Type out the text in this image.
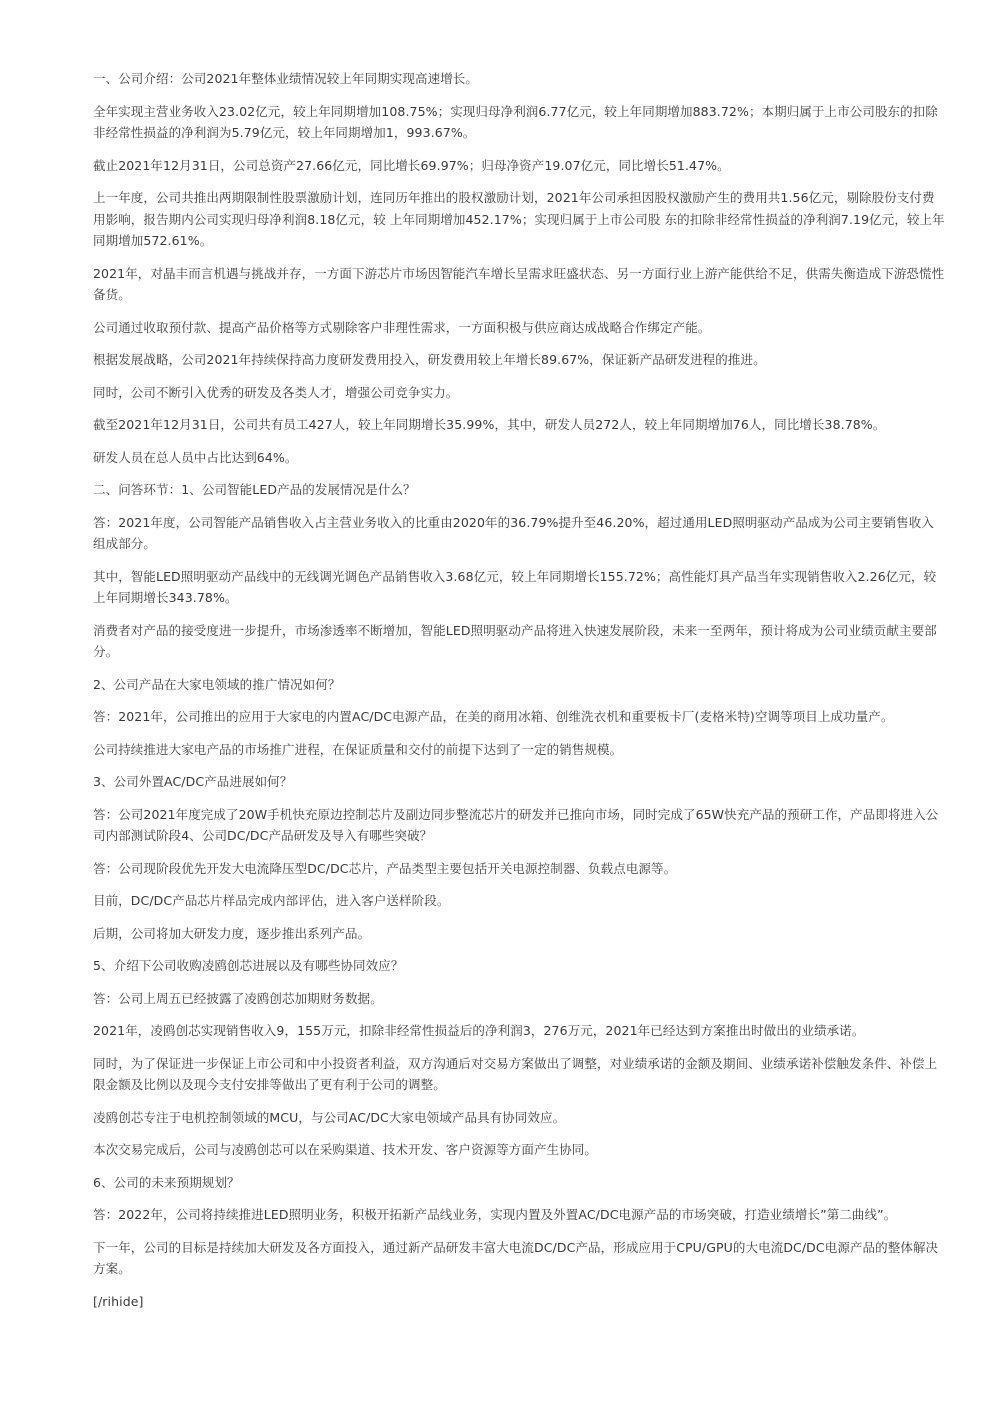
一、公司介绍：公司2021年整体业绩情况较上年同期实现高速增长。

全年实现主营业务收入23.02亿元，较上年同期增加108.75%；实现归母净利润6.77亿元，较上年同期增加883.72%；本期归属于上市公司股东的扣除非经常性损益的净利润为5.79亿元，较上年同期增加1，993.67%。

截止2021年12月31日，公司总资产27.66亿元，同比增长69.97%；归母净资产19.07亿元，同比增长51.47%。

上一年度，公司共推出两期限制性股票激励计划，连同历年推出的股权激励计划，2021年公司承担因股权激励产生的费用共1.56亿元，剔除股份支付费用影响，报告期内公司实现归母净利润8.18亿元，较 上年同期增加452.17%；实现归属于上市公司股 东的扣除非经常性损益的净利润7.19亿元，较上年同期增加572.61%。

2021年，对晶丰而言机遇与挑战并存，一方面下游芯片市场因智能汽车增长呈需求旺盛状态、另一方面行业上游产能供给不足，供需失衡造成下游恐慌性备货。

公司通过收取预付款、提高产品价格等方式剔除客户非理性需求，一方面积极与供应商达成战略合作绑定产能。

根据发展战略，公司2021年持续保持高力度研发费用投入，研发费用较上年增长89.67%，保证新产品研发进程的推进。

同时，公司不断引入优秀的研发及各类人才，增强公司竞争实力。

截至2021年12月31日，公司共有员工427人，较上年同期增长35.99%，其中，研发人员272人，较上年同期增加76人，同比增长38.78%。

研发人员在总人员中占比达到64%。

二、问答环节：1、公司智能LED产品的发展情况是什么？

答：2021年度，公司智能产品销售收入占主营业务收入的比重由2020年的36.79%提升至46.20%，超过通用LED照明驱动产品成为公司主要销售收入组成部分。

其中，智能LED照明驱动产品线中的无线调光调色产品销售收入3.68亿元，较上年同期增长155.72%；高性能灯具产品当年实现销售收入2.26亿元，较上年同期增长343.78%。

消费者对产品的接受度进一步提升，市场渗透率不断增加，智能LED照明驱动产品将进入快速发展阶段，未来一至两年，预计将成为公司业绩贡献主要部分。

2、公司产品在大家电领域的推广情况如何？

答：2021年，公司推出的应用于大家电的内置AC/DC电源产品，在美的商用冰箱、创维洗衣机和重要板卡厂(麦格米特)空调等项目上成功量产。

公司持续推进大家电产品的市场推广进程，在保证质量和交付的前提下达到了一定的销售规模。

3、公司外置AC/DC产品进展如何？

答：公司2021年度完成了20W手机快充原边控制芯片及副边同步整流芯片的研发并已推向市场，同时完成了65W快充产品的预研工作，产品即将进入公司内部测试阶段4、公司DC/DC产品研发及导入有哪些突破？

答：公司现阶段优先开发大电流降压型DC/DC芯片，产品类型主要包括开关电源控制器、负载点电源等。

目前，DC/DC产品芯片样品完成内部评估，进入客户送样阶段。

后期，公司将加大研发力度，逐步推出系列产品。

5、介绍下公司收购凌鸥创芯进展以及有哪些协同效应？

答：公司上周五已经披露了凌鸥创芯加期财务数据。

2021年，凌鸥创芯实现销售收入9，155万元，扣除非经常性损益后的净利润3，276万元，2021年已经达到方案推出时做出的业绩承诺。

同时，为了保证进一步保证上市公司和中小投资者利益，双方沟通后对交易方案做出了调整，对业绩承诺的金额及期间、业绩承诺补偿触发条件、补偿上限金额及比例以及现今支付安排等做出了更有利于公司的调整。

凌鸥创芯专注于电机控制领域的MCU，与公司AC/DC大家电领域产品具有协同效应。

本次交易完成后，公司与凌鸥创芯可以在采购渠道、技术开发、客户资源等方面产生协同。

6、公司的未来预期规划？

答：2022年，公司将持续推进LED照明业务，积极开拓新产品线业务，实现内置及外置AC/DC电源产品的市场突破，打造业绩增长”第二曲线”。

下一年，公司的目标是持续加大研发及各方面投入，通过新产品研发丰富大电流DC/DC产品，形成应用于CPU/GPU的大电流DC/DC电源产品的整体解决方案。

[/rihide]
